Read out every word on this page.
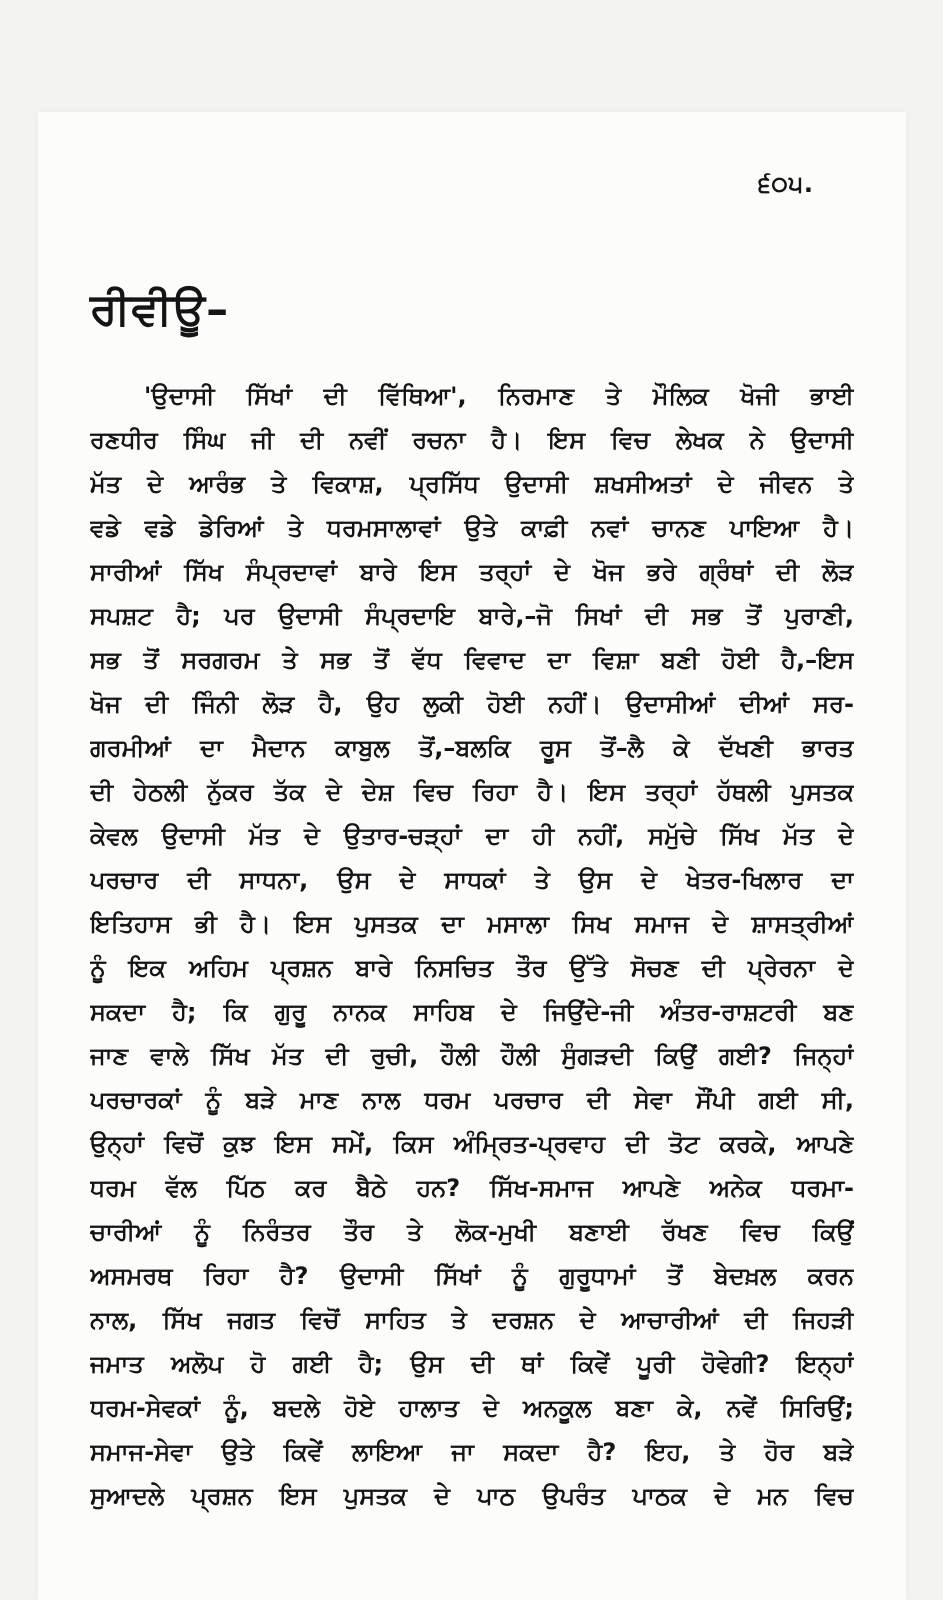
੬੦੫.
ਰੀਵੀਊ–
'ਉਦਾਸੀ ਸਿੱਖਾਂ ਦੀ ਵਿੱਥਿਆ', ਨਿਰਮਾਣ ਤੇ ਮੌਲਿਕ ਖੋਜੀ ਭਾਈ
ਰਣਧੀਰ ਸਿੰਘ ਜੀ ਦੀ ਨਵੀਂ ਰਚਨਾ ਹੈ। ਇਸ ਵਿਚ ਲੇਖਕ ਨੇ ਉਦਾਸੀ
ਮੱਤ ਦੇ ਆਰੰਭ ਤੇ ਵਿਕਾਸ਼, ਪ੍ਰਸਿੱਧ ਉਦਾਸੀ ਸ਼ਖਸੀਅਤਾਂ ਦੇ ਜੀਵਨ ਤੇ
ਵਡੇ ਵਡੇ ਡੇਰਿਆਂ ਤੇ ਧਰਮਸਾਲਾਵਾਂ ਉਤੇ ਕਾਫ਼ੀ ਨਵਾਂ ਚਾਨਣ ਪਾਇਆ ਹੈ।
ਸਾਰੀਆਂ ਸਿੱਖ ਸੰਪ੍ਰਦਾਵਾਂ ਬਾਰੇ ਇਸ ਤਰ੍ਹਾਂ ਦੇ ਖੋਜ ਭਰੇ ਗ੍ਰੰਥਾਂ ਦੀ ਲੋੜ
ਸਪਸ਼ਟ ਹੈ; ਪਰ ਉਦਾਸੀ ਸੰਪ੍ਰਦਾਇ ਬਾਰੇ,–ਜੋ ਸਿਖਾਂ ਦੀ ਸਭ ਤੋਂ ਪੁਰਾਣੀ,
ਸਭ ਤੋਂ ਸਰਗਰਮ ਤੇ ਸਭ ਤੋਂ ਵੱਧ ਵਿਵਾਦ ਦਾ ਵਿਸ਼ਾ ਬਣੀ ਹੋਈ ਹੈ,–ਇਸ
ਖੋਜ ਦੀ ਜਿੰਨੀ ਲੋੜ ਹੈ, ਉਹ ਲੁਕੀ ਹੋਈ ਨਹੀਂ। ਉਦਾਸੀਆਂ ਦੀਆਂ ਸਰ-
ਗਰਮੀਆਂ ਦਾ ਮੈਦਾਨ ਕਾਬੁਲ ਤੋਂ,–ਬਲਕਿ ਰੂਸ ਤੋਂ–ਲੈ ਕੇ ਦੱਖਣੀ ਭਾਰਤ
ਦੀ ਹੇਠਲੀ ਨੁੱਕਰ ਤੱਕ ਦੇ ਦੇਸ਼ ਵਿਚ ਰਿਹਾ ਹੈ। ਇਸ ਤਰ੍ਹਾਂ ਹੱਥਲੀ ਪੁਸਤਕ
ਕੇਵਲ ਉਦਾਸੀ ਮੱਤ ਦੇ ਉਤਾਰ-ਚੜ੍ਹਾਂ ਦਾ ਹੀ ਨਹੀਂ, ਸਮੁੱਚੇ ਸਿੱਖ ਮੱਤ ਦੇ
ਪਰਚਾਰ ਦੀ ਸਾਧਨਾ, ਉਸ ਦੇ ਸਾਧਕਾਂ ਤੇ ਉਸ ਦੇ ਖੇਤਰ-ਖਿਲਾਰ ਦਾ
ਇਤਿਹਾਸ ਭੀ ਹੈ। ਇਸ ਪੁਸਤਕ ਦਾ ਮਸਾਲਾ ਸਿਖ ਸਮਾਜ ਦੇ ਸ਼ਾਸਤ੍ਰੀਆਂ
ਨੂੰ ਇਕ ਅਹਿਮ ਪ੍ਰਸ਼ਨ ਬਾਰੇ ਨਿਸਚਿਤ ਤੌਰ ਉੱਤੇ ਸੋਚਣ ਦੀ ਪ੍ਰੇਰਨਾ ਦੇ
ਸਕਦਾ ਹੈ; ਕਿ ਗੁਰੂ ਨਾਨਕ ਸਾਹਿਬ ਦੇ ਜਿਉਂਦੇ-ਜੀ ਅੰਤਰ-ਰਾਸ਼ਟਰੀ ਬਣ
ਜਾਣ ਵਾਲੇ ਸਿੱਖ ਮੱਤ ਦੀ ਰੁਚੀ, ਹੌਲੀ ਹੌਲੀ ਸੁੰਗੜਦੀ ਕਿਉਂ ਗਈ? ਜਿਨ੍ਹਾਂ
ਪਰਚਾਰਕਾਂ ਨੂੰ ਬੜੇ ਮਾਣ ਨਾਲ ਧਰਮ ਪਰਚਾਰ ਦੀ ਸੇਵਾ ਸੌਂਪੀ ਗਈ ਸੀ,
ਉਨ੍ਹਾਂ ਵਿਚੋਂ ਕੁਝ ਇਸ ਸਮੇਂ, ਕਿਸ ਅੰਮ੍ਰਿਤ-ਪ੍ਰਵਾਹ ਦੀ ਤੋਟ ਕਰਕੇ, ਆਪਣੇ
ਧਰਮ ਵੱਲ ਪਿੱਠ ਕਰ ਬੈਠੇ ਹਨ? ਸਿੱਖ-ਸਮਾਜ ਆਪਣੇ ਅਨੇਕ ਧਰਮਾ-
ਚਾਰੀਆਂ ਨੂੰ ਨਿਰੰਤਰ ਤੌਰ ਤੇ ਲੋਕ-ਮੁਖੀ ਬਣਾਈ ਰੱਖਣ ਵਿਚ ਕਿਉਂ
ਅਸਮਰਥ ਰਿਹਾ ਹੈ? ਉਦਾਸੀ ਸਿੱਖਾਂ ਨੂੰ ਗੁਰੂਧਾਮਾਂ ਤੋਂ ਬੇਦਖ਼ਲ ਕਰਨ
ਨਾਲ, ਸਿੱਖ ਜਗਤ ਵਿਚੋਂ ਸਾਹਿਤ ਤੇ ਦਰਸ਼ਨ ਦੇ ਆਚਾਰੀਆਂ ਦੀ ਜਿਹੜੀ
ਜਮਾਤ ਅਲੋਪ ਹੋ ਗਈ ਹੈ; ਉਸ ਦੀ ਥਾਂ ਕਿਵੇਂ ਪੂਰੀ ਹੋਵੇਗੀ? ਇਨ੍ਹਾਂ
ਧਰਮ-ਸੇਵਕਾਂ ਨੂੰ, ਬਦਲੇ ਹੋਏ ਹਾਲਾਤ ਦੇ ਅਨਕੂਲ ਬਣਾ ਕੇ, ਨਵੇਂ ਸਿਰਿਉਂ;
ਸਮਾਜ-ਸੇਵਾ ਉਤੇ ਕਿਵੇਂ ਲਾਇਆ ਜਾ ਸਕਦਾ ਹੈ? ਇਹ, ਤੇ ਹੋਰ ਬੜੇ
ਸੁਆਦਲੇ ਪ੍ਰਸ਼ਨ ਇਸ ਪੁਸਤਕ ਦੇ ਪਾਠ ਉਪਰੰਤ ਪਾਠਕ ਦੇ ਮਨ ਵਿਚ
